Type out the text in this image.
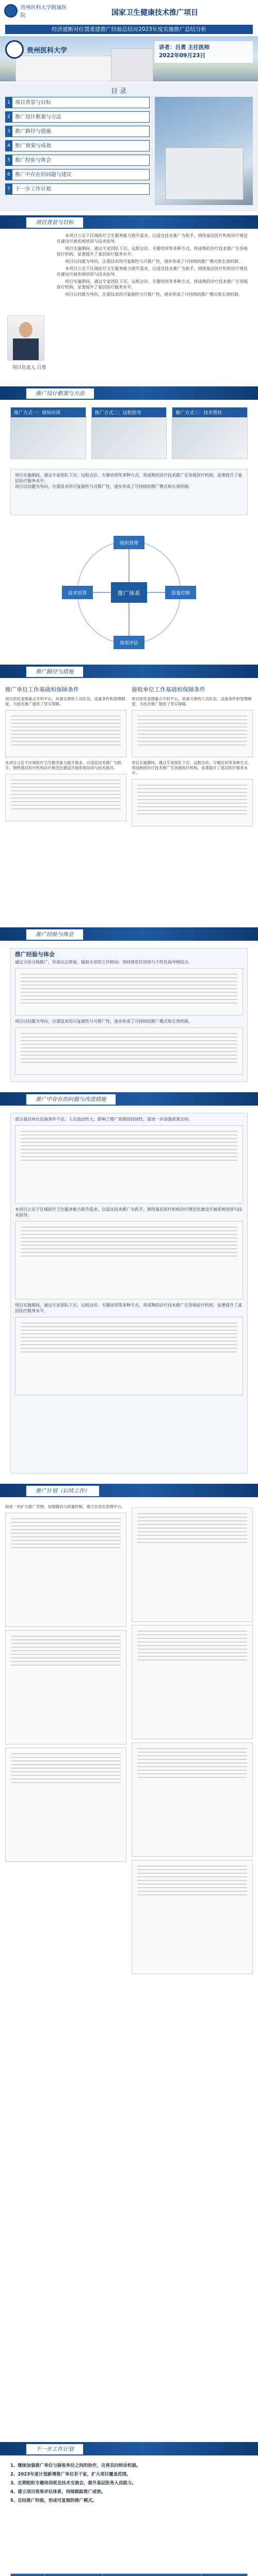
贵州医科大学附属医院	国家卫生健康技术推广项目
经济道断对位置重建推广经验总结对2023年度实施推广总结分析
贵州医科大学	讲者：吕勇 主任医师
2022年09月23日
目录
1 项目背景与目标
2 推广设计框架与方法
3 推广路径与措施
4 推广效果与成效
5 推广经验与体会
6 推广中存在的问题与建议
7 下一步工作计划
项目背景与目标

本项目立足于区域医疗卫生服务能力提升需求，以适宜技术推广为抓手，围绕基层医疗机构诊疗规范化建设开展系统培训与技术指导。

项目实施期间，通过专家团队下沉、远程会诊、专题培训等多种方式，将成熟的诊疗技术推广至各级医疗机构，显著提升了基层医疗服务水平。

项目以问题为导向，注重技术的可复制性与可推广性，逐步形成了可持续的推广模式和长效机制。

本项目立足于区域医疗卫生服务能力提升需求，以适宜技术推广为抓手，围绕基层医疗机构诊疗规范化建设开展系统培训与技术指导。

项目实施期间，通过专家团队下沉、远程会诊、专题培训等多种方式，将成熟的诊疗技术推广至各级医疗机构，显著提升了基层医疗服务水平。

项目以问题为导向，注重技术的可复制性与可推广性，逐步形成了可持续的推广模式和长效机制。

项目负责人 吕勇
推广设计框架与方法
推广方式一：现场培训	推广方式二：远程指导	推广方式三：技术帮扶
项目实施期间，通过专家团队下沉、远程会诊、专题培训等多种方式，将成熟的诊疗技术推广至各级医疗机构，显著提升了基层医疗服务水平。
项目以问题为导向，注重技术的可复制性与可推广性，逐步形成了可持续的推广模式和长效机制。
推广体系
组织管理
技术培训	质量控制
效果评估
推广路径与措施
推广单位工作基础和保障条件
项目依托省级重点专科平台，具备完善的人员队伍、设备条件和管理制度，为技术推广提供了坚实保障。
本项目立足于区域医疗卫生服务能力提升需求，以适宜技术推广为抓手，围绕基层医疗机构诊疗规范化建设开展系统培训与技术指导。
接收单位工作基础和保障条件
项目依托省级重点专科平台，具备完善的人员队伍、设备条件和管理制度，为技术推广提供了坚实保障。
项目实施期间，通过专家团队下沉、远程会诊、专题培训等多种方式，将成熟的诊疗技术推广至各级医疗机构，显著提升了基层医疗服务水平。
推广经验与体会
推广经验与体会
通过分层分级推广，形成以点带面、辐射全省的工作格局；坚持规范化培训与个性化指导相结合。
项目以问题为导向，注重技术的可复制性与可推广性，逐步形成了可持续的推广模式和长效机制。
推广中存在的问题与改进措施
部分基层单位设备条件不足、人员流动性大，影响了推广效果的持续性，需进一步加强政策支持。
本项目立足于区域医疗卫生服务能力提升需求，以适宜技术推广为抓手，围绕基层医疗机构诊疗规范化建设开展系统培训与技术指导。
项目实施期间，通过专家团队下沉、远程会诊、专题培训等多种方式，将成熟的诊疗技术推广至各级医疗机构，显著提升了基层医疗服务水平。
推广计划（后续工作）
拟进一步扩大推广范围，加强随访与质量控制，建立信息化管理平台。
下一步工作计划
1、继续加强推广单位与接收单位之间的协作，完善双向转诊机制。
2、2023年度计划新增推广单位若干家，扩大项目覆盖范围。
3、定期组织专题培训班及技术交流会，提升基层医务人员能力。
4、建立项目效果评估体系，持续跟踪推广成效。
5、总结推广经验，形成可复制的推广模式。
